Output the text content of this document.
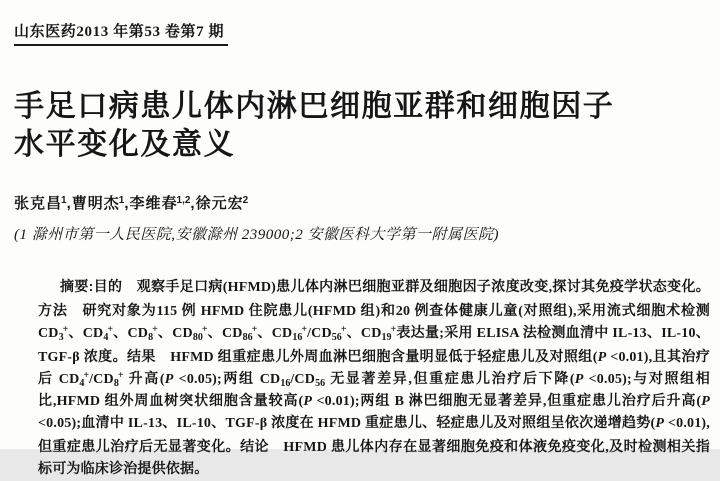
山东医药2013 年第53 卷第7 期
手足口病患儿体内淋巴细胞亚群和细胞因子
水平变化及意义

张克昌$^1$,曹明杰$^1$,李维春$^{1,2}$,徐元宏$^2$

(1 滁州市第一人民医院,安徽滁州 239000;2 安徽医科大学第一附属医院)

摘要:目的　观察手足口病(HFMD)患儿体内淋巴细胞亚群及细胞因子浓度改变,探讨其免疫学状态变化。方法　研究对象为115 例 HFMD 住院患儿(HFMD 组)和20 例查体健康儿童(对照组),采用流式细胞术检测$CD_3^+$、$CD_4^+$、$CD_8^+$、$CD_{80}^+$、$CD_{86}^+$、$CD_{16}^+/CD_{56}^+$、$CD_{19}^+$表达量;采用 ELISA 法检测血清中 IL-13、IL-10、TGF-β 浓度。结果　HFMD 组重症患儿外周血淋巴细胞含量明显低于轻症患儿及对照组(P <0.01),且其治疗后 $CD_4^+/CD_8^+$ 升高(P <0.05);两组 $CD_{16}/CD_{56}$ 无显著差异,但重症患儿治疗后下降(P <0.05);与对照组相比,HFMD 组外周血树突状细胞含量较高(P <0.01);两组 B 淋巴细胞无显著差异,但重症患儿治疗后升高(P <0.05);血清中 IL-13、IL-10、TGF-β 浓度在 HFMD 重症患儿、轻症患儿及对照组呈依次递增趋势(P <0.01),但重症患儿治疗后无显著变化。结论　HFMD 患儿体内存在显著细胞免疫和体液免疫变化,及时检测相关指标可为临床诊治提供依据。
